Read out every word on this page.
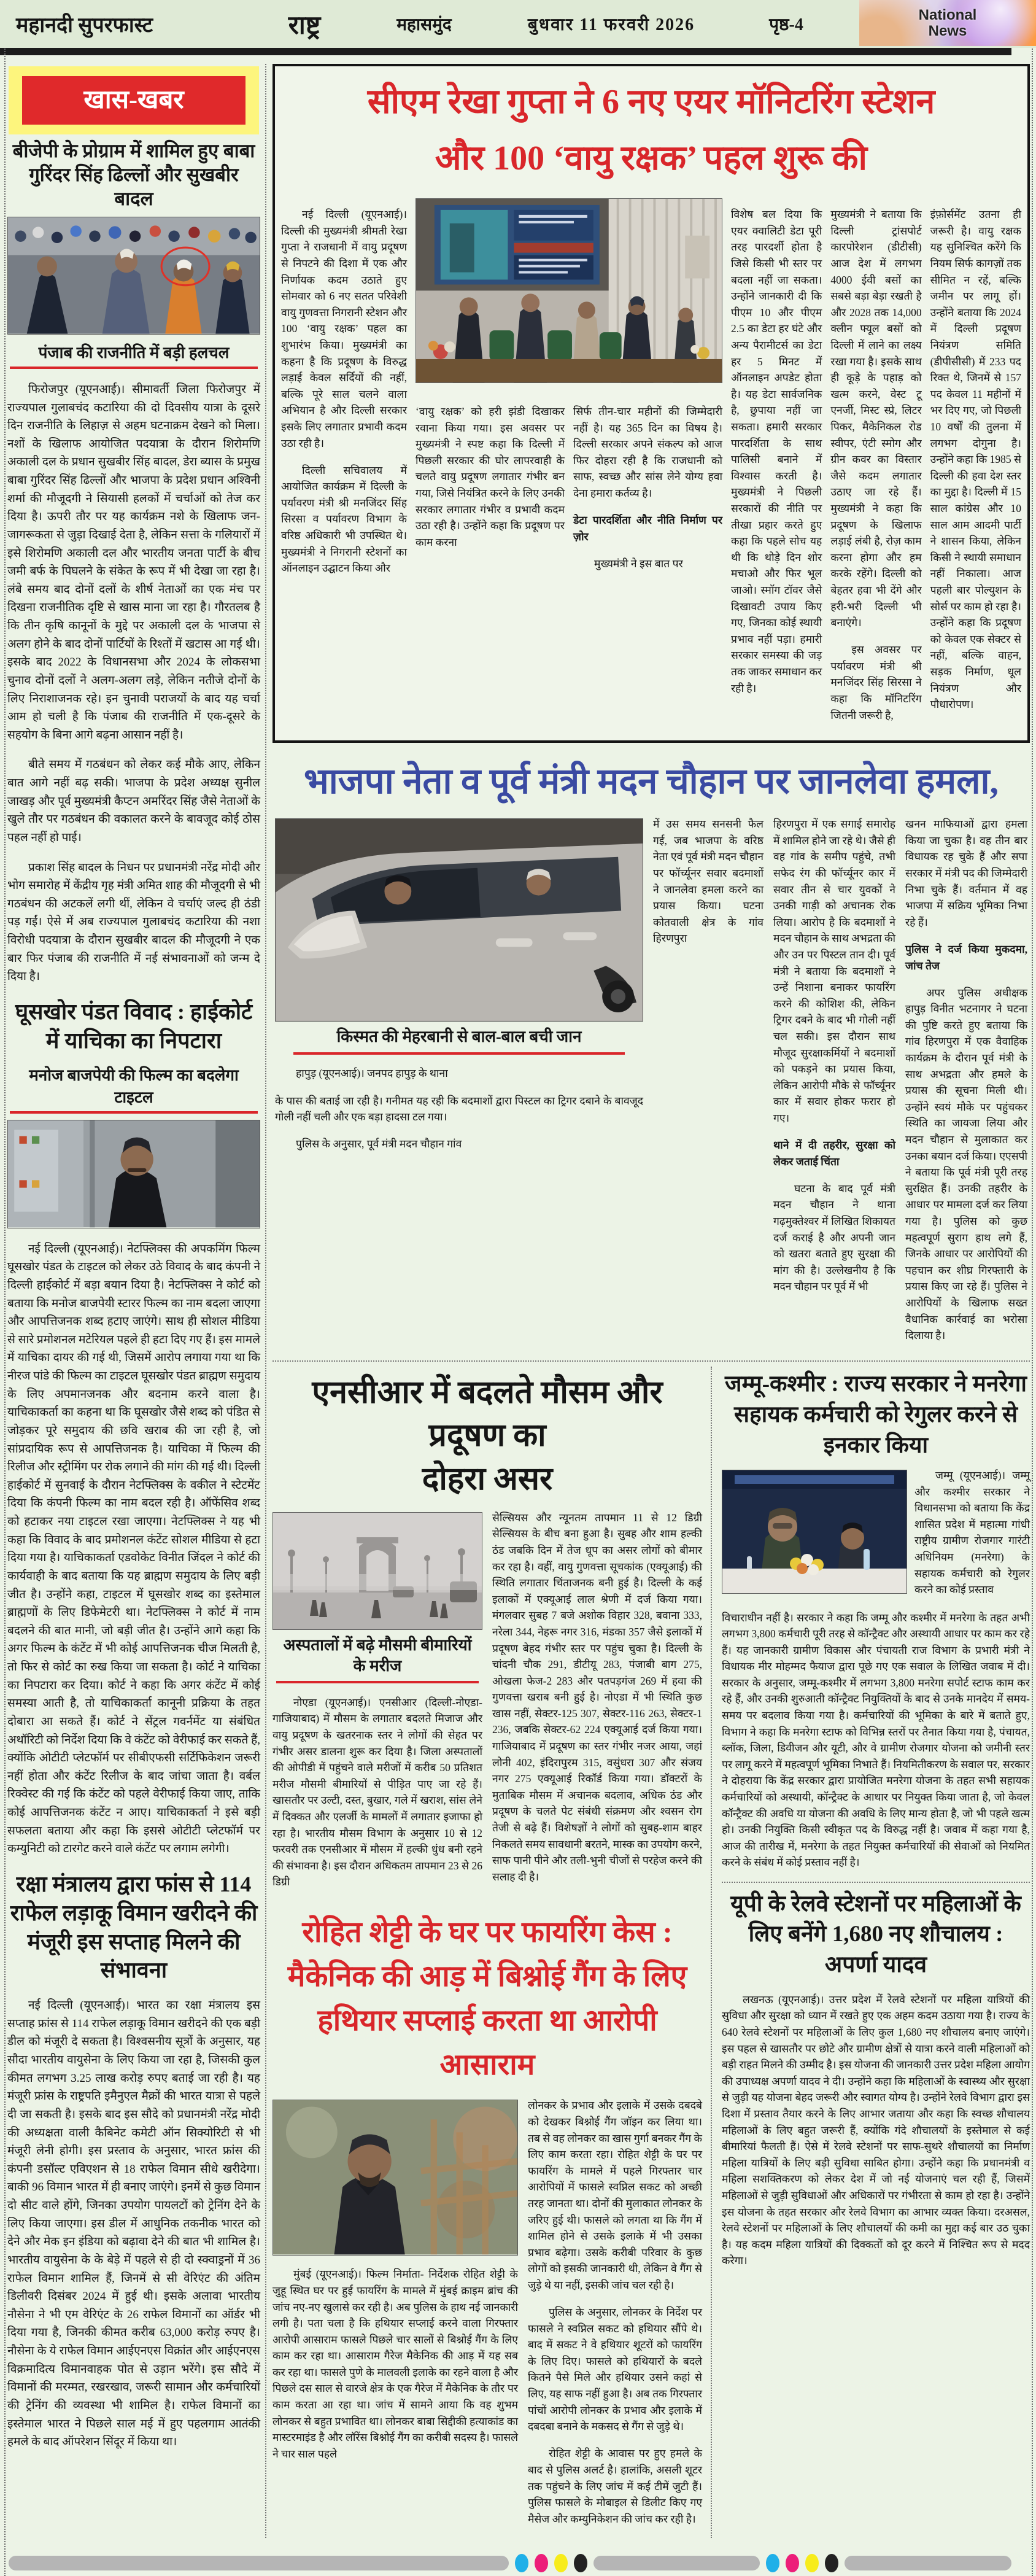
महानदी सुपरफास्ट	राष्ट्र	महासमुंद	बुधवार 11 फरवरी 2026	पृष्ठ-4
National
News
खास-खबर
बीजेपी के प्रोग्राम में शामिल हुए बाबा गुरिंदर सिंह ढिल्लों और सुखबीर बादल
पंजाब की राजनीति में बड़ी हलचल

फिरोजपुर (यूएनआई)। सीमावर्ती जिला फिरोजपुर में राज्यपाल गुलाबचंद कटारिया की दो दिवसीय यात्रा के दूसरे दिन राजनीति के लिहाज़ से अहम घटनाक्रम देखने को मिला। नशों के खिलाफ आयोजित पदयात्रा के दौरान शिरोमणि अकाली दल के प्रधान सुखबीर सिंह बादल, डेरा ब्यास के प्रमुख बाबा गुरिंदर सिंह ढिल्लों और भाजपा के प्रदेश प्रधान अश्विनी शर्मा की मौजूदगी ने सियासी हलकों में चर्चाओं को तेज कर दिया है। ऊपरी तौर पर यह कार्यक्रम नशे के खिलाफ जन-जागरूकता से जुड़ा दिखाई देता है, लेकिन सत्ता के गलियारों में इसे शिरोमणि अकाली दल और भारतीय जनता पार्टी के बीच जमी बर्फ के पिघलने के संकेत के रूप में भी देखा जा रहा है। लंबे समय बाद दोनों दलों के शीर्ष नेताओं का एक मंच पर दिखना राजनीतिक दृष्टि से खास माना जा रहा है। गौरतलब है कि तीन कृषि कानूनों के मुद्दे पर अकाली दल के भाजपा से अलग होने के बाद दोनों पार्टियों के रिश्तों में खटास आ गई थी। इसके बाद 2022 के विधानसभा और 2024 के लोकसभा चुनाव दोनों दलों ने अलग-अलग लड़े, लेकिन नतीजे दोनों के लिए निराशाजनक रहे। इन चुनावी पराजयों के बाद यह चर्चा आम हो चली है कि पंजाब की राजनीति में एक-दूसरे के सहयोग के बिना आगे बढ़ना आसान नहीं है।

बीते समय में गठबंधन को लेकर कई मौके आए, लेकिन बात आगे नहीं बढ़ सकी। भाजपा के प्रदेश अध्यक्ष सुनील जाखड़ और पूर्व मुख्यमंत्री कैप्टन अमरिंदर सिंह जैसे नेताओं के खुले तौर पर गठबंधन की वकालत करने के बावजूद कोई ठोस पहल नहीं हो पाई।

प्रकाश सिंह बादल के निधन पर प्रधानमंत्री नरेंद्र मोदी और भोग समारोह में केंद्रीय गृह मंत्री अमित शाह की मौजूदगी से भी गठबंधन की अटकलें लगी थीं, लेकिन वे चर्चाएं जल्द ही ठंडी पड़ गईं। ऐसे में अब राज्यपाल गुलाबचंद कटारिया की नशा विरोधी पदयात्रा के दौरान सुखबीर बादल की मौजूदगी ने एक बार फिर पंजाब की राजनीति में नई संभावनाओं को जन्म दे दिया है।

घूसखोर पंडत विवाद : हाईकोर्ट में याचिका का निपटारा
मनोज बाजपेयी की फिल्म का बदलेगा टाइटल

नई दिल्ली (यूएनआई)। नेटफ्लिक्स की अपकमिंग फिल्म घूसखोर पंडत के टाइटल को लेकर उठे विवाद के बाद कंपनी ने दिल्ली हाईकोर्ट में बड़ा बयान दिया है। नेटफ्लिक्स ने कोर्ट को बताया कि मनोज बाजपेयी स्टारर फिल्म का नाम बदला जाएगा और आपत्तिजनक शब्द हटाए जाएंगे। साथ ही सोशल मीडिया से सारे प्रमोशनल मटेरियल पहले ही हटा दिए गए हैं। इस मामले में याचिका दायर की गई थी, जिसमें आरोप लगाया गया था कि नीरज पांडे की फिल्म का टाइटल घूसखोर पंडत ब्राह्मण समुदाय के लिए अपमानजनक और बदनाम करने वाला है। याचिकाकर्ता का कहना था कि घूसखोर जैसे शब्द को पंडित से जोड़कर पूरे समुदाय की छवि खराब की जा रही है, जो सांप्रदायिक रूप से आपत्तिजनक है। याचिका में फिल्म की रिलीज और स्ट्रीमिंग पर रोक लगाने की मांग की गई थी। दिल्ली हाईकोर्ट में सुनवाई के दौरान नेटफ्लिक्स के वकील ने स्टेटमेंट दिया कि कंपनी फिल्म का नाम बदल रही है। ऑफेंसिव शब्द को हटाकर नया टाइटल रखा जाएगा। नेटफ्लिक्स ने यह भी कहा कि विवाद के बाद प्रमोशनल कंटेंट सोशल मीडिया से हटा दिया गया है। याचिकाकर्ता एडवोकेट विनीत जिंदल ने कोर्ट की कार्यवाही के बाद बताया कि यह ब्राह्मण समुदाय के लिए बड़ी जीत है। उन्होंने कहा, टाइटल में घूसखोर शब्द का इस्तेमाल ब्राह्मणों के लिए डिफेमेटरी था। नेटफ्लिक्स ने कोर्ट में नाम बदलने की बात मानी, जो बड़ी जीत है। उन्होंने आगे कहा कि अगर फिल्म के कंटेंट में भी कोई आपत्तिजनक चीज मिलती है, तो फिर से कोर्ट का रुख किया जा सकता है। कोर्ट ने याचिका का निपटारा कर दिया। कोर्ट ने कहा कि अगर कंटेंट में कोई समस्या आती है, तो याचिकाकर्ता कानूनी प्रक्रिया के तहत दोबारा आ सकते हैं। कोर्ट ने सेंट्रल गवर्नमेंट या संबंधित अथॉरिटी को निर्देश दिया कि वे कंटेंट को वेरीफाई कर सकते हैं, क्योंकि ओटीटी प्लेटफॉर्म पर सीबीएफसी सर्टिफिकेशन जरूरी नहीं होता और कंटेंट रिलीज के बाद जांचा जाता है। वर्बल रिक्वेस्ट की गई कि कंटेंट को पहले वेरीफाई किया जाए, ताकि कोई आपत्तिजनक कंटेंट न आए। याचिकाकर्ता ने इसे बड़ी सफलता बताया और कहा कि इससे ओटीटी प्लेटफॉर्म पर कम्युनिटी को टारगेट करने वाले कंटेंट पर लगाम लगेगी।

रक्षा मंत्रालय द्वारा फांस से 114 राफेल लड़ाकू विमान खरीदने की मंजूरी इस सप्ताह मिलने की संभावना

नई दिल्ली (यूएनआई)। भारत का रक्षा मंत्रालय इस सप्ताह फ्रांस से 114 राफेल लड़ाकू विमान खरीदने की एक बड़ी डील को मंजूरी दे सकता है। विश्वसनीय सूत्रों के अनुसार, यह सौदा भारतीय वायुसेना के लिए किया जा रहा है, जिसकी कुल कीमत लगभग 3.25 लाख करोड़ रुपए बताई जा रही है। यह मंजूरी फ्रांस के राष्ट्रपति इमैनुएल मैक्रों की भारत यात्रा से पहले दी जा सकती है। इसके बाद इस सौदे को प्रधानमंत्री नरेंद्र मोदी की अध्यक्षता वाली कैबिनेट कमेटी ऑन सिक्योरिटी से भी मंजूरी लेनी होगी। इस प्रस्ताव के अनुसार, भारत फ्रांस की कंपनी डसॉल्ट एविएशन से 18 राफेल विमान सीधे खरीदेगा। बाकी 96 विमान भारत में ही बनाए जाएंगे। इनमें से कुछ विमान दो सीट वाले होंगे, जिनका उपयोग पायलटों को ट्रेनिंग देने के लिए किया जाएगा। इस डील में आधुनिक तकनीक भारत को देने और मेक इन इंडिया को बढ़ावा देने की बात भी शामिल है। भारतीय वायुसेना के के बेड़े में पहले से ही दो स्क्वाड्रनों में 36 राफेल विमान शामिल हैं, जिनमें से सी वेरिएंट की अंतिम डिलीवरी दिसंबर 2024 में हुई थी। इसके अलावा भारतीय नौसेना ने भी एम वेरिएंट के 26 राफेल विमानों का ऑर्डर भी दिया गया है, जिनकी कीमत करीब 63,000 करोड़ रुपए है। नौसेना के ये राफेल विमान आईएनएस विक्रांत और आईएनएस विक्रमादित्य विमानवाहक पोत से उड़ान भरेंगे। इस सौदे में विमानों की मरम्मत, रखरखाव, जरूरी सामान और कर्मचारियों की ट्रेनिंग की व्यवस्था भी शामिल है। राफेल विमानों का इस्तेमाल भारत ने पिछले साल मई में हुए पहलगाम आतंकी हमले के बाद ऑपरेशन सिंदूर में किया था।

सीएम रेखा गुप्ता ने 6 नए एयर मॉनिटरिंग स्टेशन
और 100 ‘वायु रक्षक’ पहल शुरू की

नई दिल्ली (यूएनआई)। दिल्ली की मुख्यमंत्री श्रीमती रेखा गुप्ता ने राजधानी में वायु प्रदूषण से निपटने की दिशा में एक और निर्णायक कदम उठाते हुए सोमवार को 6 नए सतत परिवेशी वायु गुणवत्ता निगरानी स्टेशन और 100 ‘वायु रक्षक’ पहल का शुभारंभ किया। मुख्यमंत्री का कहना है कि प्रदूषण के विरुद्ध लड़ाई केवल सर्दियों की नहीं, बल्कि पूरे साल चलने वाला अभियान है और दिल्ली सरकार इसके लिए लगातार प्रभावी कदम उठा रही है।

दिल्ली सचिवालय में आयोजित कार्यक्रम में दिल्ली के पर्यावरण मंत्री श्री मनजिंदर सिंह सिरसा व पर्यावरण विभाग के वरिष्ठ अधिकारी भी उपस्थित थे। मुख्यमंत्री ने निगरानी स्टेशनों का ऑनलाइन उद्घाटन किया और

‘वायु रक्षक’ को हरी झंडी दिखाकर रवाना किया गया। इस अवसर पर मुख्यमंत्री ने स्पष्ट कहा कि दिल्ली में पिछली सरकार की घोर लापरवाही के चलते वायु प्रदूषण लगातार गंभीर बन गया, जिसे नियंत्रित करने के लिए उनकी सरकार लगातार गंभीर व प्रभावी कदम उठा रही है। उन्होंने कहा कि प्रदूषण पर काम करना

सिर्फ तीन-चार महीनों की जिम्मेदारी नहीं है। यह 365 दिन का विषय है। दिल्ली सरकार अपने संकल्प को आज फिर दोहरा रही है कि राजधानी को साफ, स्वच्छ और सांस लेने योग्य हवा देना हमारा कर्तव्य है।

डेटा पारदर्शिता और नीति निर्माण पर ज़ोर

मुख्यमंत्री ने इस बात पर

विशेष बल दिया कि एयर क्वालिटी डेटा पूरी तरह पारदर्शी होता है जिसे किसी भी स्तर पर बदला नहीं जा सकता। उन्होंने जानकारी दी कि पीएम 10 और पीएम 2.5 का डेटा हर घंटे और अन्य पैरामीटर्स का डेटा हर 5 मिनट में ऑनलाइन अपडेट होता है। यह डेटा सार्वजनिक है, छुपाया नहीं जा सकता। हमारी सरकार पारदर्शिता के साथ पालिसी बनाने में विश्वास करती है। मुख्यमंत्री ने पिछली सरकारों की नीति पर तीखा प्रहार करते हुए कहा कि पहले सोच यह थी कि थोड़े दिन शोर मचाओ और फिर भूल जाओ। स्मॉग टॉवर जैसे दिखावटी उपाय किए गए, जिनका कोई स्थायी प्रभाव नहीं पड़ा। हमारी सरकार समस्या की जड़ तक जाकर समाधान कर रही है।

मुख्यमंत्री ने बताया कि दिल्ली ट्रांसपोर्ट कारपोरेशन (डीटीसी) आज देश में लगभग 4000 ईवी बसों का सबसे बड़ा बेड़ा रखती है और 2028 तक 14,000 क्लीन फ्यूल बसों को दिल्ली में लाने का लक्ष्य रखा गया है। इसके साथ ही कूड़े के पहाड़ को खत्म करने, वेस्ट टू एनर्जी, मिस्ट स्प्रे, लिटर पिकर, मैकेनिकल रोड स्वीपर, एंटी स्मोग और ग्रीन कवर का विस्तार जैसे कदम लगातार उठाए जा रहे हैं। मुख्यमंत्री ने कहा कि प्रदूषण के खिलाफ लड़ाई लंबी है, रोज़ काम करना होगा और हम करके रहेंगे। दिल्ली को बेहतर हवा भी देंगे और हरी-भरी दिल्ली भी बनाएंगे।

इस अवसर पर पर्यावरण मंत्री श्री मनजिंदर सिंह सिरसा ने कहा कि मॉनिटरिंग जितनी जरूरी है,

इंफ़ोर्समेंट उतना ही जरूरी है। वायु रक्षक यह सुनिश्चित करेंगे कि नियम सिर्फ कागज़ों तक सीमित न रहें, बल्कि जमीन पर लागू हों। उन्होंने बताया कि 2024 में दिल्ली प्रदूषण नियंत्रण समिति (डीपीसीसी) में 233 पद रिक्त थे, जिनमें से 157 पद केवल 11 महीनों में भर दिए गए, जो पिछली 10 वर्षों की तुलना में लगभग दोगुना है। उन्होंने कहा कि 1985 से दिल्ली की हवा देश स्तर का मुद्दा है। दिल्ली में 15 साल कांग्रेस और 10 साल आम आदमी पार्टी ने शासन किया, लेकिन किसी ने स्थायी समाधान नहीं निकाला। आज पहली बार पोल्युशन के सोर्स पर काम हो रहा है। उन्होंने कहा कि प्रदूषण को केवल एक सेक्टर से नहीं, बल्कि वाहन, सड़क निर्माण, धूल नियंत्रण और पौधारोपण।

भाजपा नेता व पूर्व मंत्री मदन चौहान पर जानलेवा हमला,
किस्मत की मेहरबानी से बाल-बाल बची जान

हापुड़ (यूएनआई)। जनपद हापुड़ के थाना

के पास की बताई जा रही है। गनीमत यह रही कि बदमाशों द्वारा पिस्टल का ट्रिगर दबाने के बावजूद गोली नहीं चली और एक बड़ा हादसा टल गया।

पुलिस के अनुसार, पूर्व मंत्री मदन चौहान गांव

में उस समय सनसनी फैल गई, जब भाजपा के वरिष्ठ नेता एवं पूर्व मंत्री मदन चौहान पर फॉर्च्यूनर सवार बदमाशों ने जानलेवा हमला करने का प्रयास किया। घटना कोतवाली क्षेत्र के गांव हिरणपुरा

हिरणपुरा में एक सगाई समारोह में शामिल होने जा रहे थे। जैसे ही वह गांव के समीप पहुंचे, तभी सफेद रंग की फॉर्च्यूनर कार में सवार तीन से चार युवकों ने उनकी गाड़ी को अचानक रोक लिया। आरोप है कि बदमाशों ने मदन चौहान के साथ अभद्रता की और उन पर पिस्टल तान दी। पूर्व मंत्री ने बताया कि बदमाशों ने उन्हें निशाना बनाकर फायरिंग करने की कोशिश की, लेकिन ट्रिगर दबने के बाद भी गोली नहीं चल सकी। इस दौरान साथ मौजूद सुरक्षाकर्मियों ने बदमाशों को पकड़ने का प्रयास किया, लेकिन आरोपी मौके से फॉर्च्यूनर कार में सवार होकर फरार हो गए।

थाने में दी तहरीर, सुरक्षा को लेकर जताई चिंता

घटना के बाद पूर्व मंत्री मदन चौहान ने थाना गढ़मुक्तेश्वर में लिखित शिकायत दर्ज कराई है और अपनी जान को खतरा बताते हुए सुरक्षा की मांग की है। उल्लेखनीय है कि मदन चौहान पर पूर्व में भी

खनन माफियाओं द्वारा हमला किया जा चुका है। वह तीन बार विधायक रह चुके हैं और सपा सरकार में मंत्री पद की जिम्मेदारी निभा चुके हैं। वर्तमान में वह भाजपा में सक्रिय भूमिका निभा रहे हैं।

पुलिस ने दर्ज किया मुकदमा, जांच तेज

अपर पुलिस अधीक्षक हापुड़ विनीत भटनागर ने घटना की पुष्टि करते हुए बताया कि गांव हिरणपुरा में एक वैवाहिक कार्यक्रम के दौरान पूर्व मंत्री के साथ अभद्रता और हमले के प्रयास की सूचना मिली थी। उन्होंने स्वयं मौके पर पहुंचकर स्थिति का जायजा लिया और मदन चौहान से मुलाकात कर उनका बयान दर्ज किया। एएसपी ने बताया कि पूर्व मंत्री पूरी तरह सुरक्षित हैं। उनकी तहरीर के आधार पर मामला दर्ज कर लिया गया है। पुलिस को कुछ महत्वपूर्ण सुराग हाथ लगे हैं, जिनके आधार पर आरोपियों की पहचान कर शीघ्र गिरफ्तारी के प्रयास किए जा रहे हैं। पुलिस ने आरोपियों के खिलाफ सख्त वैधानिक कार्रवाई का भरोसा दिलाया है।

एनसीआर में बदलते मौसम और प्रदूषण का
दोहरा असर
अस्पतालों में बढ़े मौसमी बीमारियों के मरीज

नोएडा (यूएनआई)। एनसीआर (दिल्ली-नोएडा-गाजियाबाद) में मौसम के लगातार बदलते मिजाज और वायु प्रदूषण के खतरनाक स्तर ने लोगों की सेहत पर गंभीर असर डालना शुरू कर दिया है। जिला अस्पतालों की ओपीडी में पहुंचने वाले मरीजों में करीब 50 प्रतिशत मरीज मौसमी बीमारियों से पीड़ित पाए जा रहे हैं। खासतौर पर उल्टी, दस्त, बुखार, गले में खराश, सांस लेने में दिक्कत और एलर्जी के मामलों में लगातार इजाफा हो रहा है। भारतीय मौसम विभाग के अनुसार 10 से 12 फरवरी तक एनसीआर में मौसम में हल्की धुंध बनी रहने की संभावना है। इस दौरान अधिकतम तापमान 23 से 26 डिग्री

सेल्सियस और न्यूनतम तापमान 11 से 12 डिग्री सेल्सियस के बीच बना हुआ है। सुबह और शाम हल्की ठंड जबकि दिन में तेज धूप का असर लोगों को बीमार कर रहा है। वहीं, वायु गुणवत्ता सूचकांक (एक्यूआई) की स्थिति लगातार चिंताजनक बनी हुई है। दिल्ली के कई इलाकों में एक्यूआई लाल श्रेणी में दर्ज किया गया। मंगलवार सुबह 7 बजे अशोक विहार 328, बवाना 333, नरेला 344, नेहरू नगर 316, मंडका 357 जैसे इलाकों में प्रदूषण बेहद गंभीर स्तर पर पहुंच चुका है। दिल्ली के चांदनी चौक 291, डीटीयू 283, पंजाबी बाग 275, ओखला फेज-2 283 और पतपड़गंज 269 में हवा की गुणवत्ता खराब बनी हुई है। नोएडा में भी स्थिति कुछ खास नहीं, सेक्टर-125 307, सेक्टर-116 263, सेक्टर-1 236, जबकि सेक्टर-62 224 एक्यूआई दर्ज किया गया। गाजियाबाद में प्रदूषण का स्तर गंभीर नजर आया, जहां लोनी 402, इंदिरापुरम 315, वसुंधरा 307 और संजय नगर 275 एक्यूआई रिकॉर्ड किया गया। डॉक्टरों के मुताबिक मौसम में अचानक बदलाव, अधिक ठंड और प्रदूषण के चलते पेट संबंधी संक्रमण और श्वसन रोग तेजी से बढ़े हैं। विशेषज्ञों ने लोगों को सुबह-शाम बाहर निकलते समय सावधानी बरतने, मास्क का उपयोग करने, साफ पानी पीने और तली-भुनी चीजों से परहेज करने की सलाह दी है।

रोहित शेट्टी के घर पर फायरिंग केस : मैकेनिक की आड़ में बिश्नोई गैंग के लिए हथियार सप्लाई करता था आरोपी आसाराम

मुंबई (यूएनआई)। फिल्म निर्माता- निर्देशक रोहित शेट्टी के जुहू स्थित घर पर हुई फायरिंग के मामले में मुंबई क्राइम ब्रांच की जांच नए-नए खुलासे कर रही है। अब पुलिस के हाथ नई जानकारी लगी है। पता चला है कि हथियार सप्लाई करने वाला गिरफ्तार आरोपी आसाराम फासले पिछले चार सालों से बिश्नोई गैंग के लिए काम कर रहा था। आसाराम गैरेज मैकेनिक की आड़ में यह सब कर रहा था। फासले पुणे के मालवली इलाके का रहने वाला है और पिछले दस साल से वारजे क्षेत्र के एक गैरेज में मैकेनिक के तौर पर काम करता आ रहा था। जांच में सामने आया कि वह शुभम लोनकर से बहुत प्रभावित था। लोनकर बाबा सिद्दीकी हत्याकांड का मास्टरमाइंड है और लॉरेंस बिश्नोई गैंग का करीबी सदस्य है। फासले ने चार साल पहले

लोनकर के प्रभाव और इलाके में उसके दबदबे को देखकर बिश्नोई गैंग जॉइन कर लिया था। तब से वह लोनकर का खास गुर्गा बनकर गैंग के लिए काम करता रहा। रोहित शेट्टी के घर पर फायरिंग के मामले में पहले गिरफ्तार चार आरोपियों में फासले स्वप्निल सकट को अच्छी तरह जानता था। दोनों की मुलाकात लोनकर के जरिए हुई थी। फासले को लगता था कि गैंग में शामिल होने से उसके इलाके में भी उसका प्रभाव बढ़ेगा। उसके करीबी परिवार के कुछ लोगों को इसकी जानकारी थी, लेकिन वे गैंग से जुड़े थे या नहीं, इसकी जांच चल रही है।

पुलिस के अनुसार, लोनकर के निर्देश पर फासले ने स्वप्निल सकट को हथियार सौंपे थे। बाद में सकट ने वे हथियार शूटरों को फायरिंग के लिए दिए। फासले को हथियारों के बदले कितने पैसे मिले और हथियार उसने कहां से लिए, यह साफ नहीं हुआ है। अब तक गिरफ्तार पांचों आरोपी लोनकर के प्रभाव और इलाके में दबदबा बनाने के मकसद से गैंग से जुड़े थे।

रोहित शेट्टी के आवास पर हुए हमले के बाद से पुलिस अलर्ट है। हालांकि, असली शूटर तक पहुंचने के लिए जांच में कई टीमें जुटी हैं। पुलिस फासले के मोबाइल से डिलीट किए गए मैसेज और कम्युनिकेशन की जांच कर रही है।

जम्मू-कश्मीर : राज्य सरकार ने मनरेगा सहायक कर्मचारी को रेगुलर करने से इनकार किया

जम्मू (यूएनआई)। जम्मू और कश्मीर सरकार ने विधानसभा को बताया कि केंद्र शासित प्रदेश में महात्मा गांधी राष्ट्रीय ग्रामीण रोजगार गारंटी अधिनियम (मनरेगा) के सहायक कर्मचारी को रेगुलर करने का कोई प्रस्ताव

विचाराधीन नहीं है। सरकार ने कहा कि जम्मू और कश्मीर में मनरेगा के तहत अभी लगभग 3,800 कर्मचारी पूरी तरह से कॉन्ट्रैक्ट और अस्थायी आधार पर काम कर रहे हैं। यह जानकारी ग्रामीण विकास और पंचायती राज विभाग के प्रभारी मंत्री ने विधायक मीर मोहम्मद फैयाज द्वारा पूछे गए एक सवाल के लिखित जवाब में दी। सरकार के अनुसार, जम्मू-कश्मीर में लगभग 3,800 मनरेगा सपोर्ट स्टाफ काम कर रहे हैं, और उनकी शुरुआती कॉन्ट्रैक्ट नियुक्तियों के बाद से उनके मानदेय में समय-समय पर बदलाव किया गया है। कर्मचारियों की भूमिका के बारे में बताते हुए, विभाग ने कहा कि मनरेगा स्टाफ को विभिन्न स्तरों पर तैनात किया गया है, पंचायत, ब्लॉक, जिला, डिवीजन और यूटी, और वे ग्रामीण रोजगार योजना को जमीनी स्तर पर लागू करने में महत्वपूर्ण भूमिका निभाते हैं। नियमितीकरण के सवाल पर, सरकार ने दोहराया कि केंद्र सरकार द्वारा प्रायोजित मनरेगा योजना के तहत सभी सहायक कर्मचारियों को अस्थायी, कॉन्ट्रैक्ट के आधार पर नियुक्त किया जाता है, जो केवल कॉन्ट्रैक्ट की अवधि या योजना की अवधि के लिए मान्य होता है, जो भी पहले खत्म हो। उनकी नियुक्ति किसी स्वीकृत पद के विरुद्ध नहीं है। जवाब में कहा गया है, आज की तारीख में, मनरेगा के तहत नियुक्त कर्मचारियों की सेवाओं को नियमित करने के संबंध में कोई प्रस्ताव नहीं है।

यूपी के रेलवे स्टेशनों पर महिलाओं के लिए बनेंगे 1,680 नए शौचालय : अपर्णा यादव

लखनऊ (यूएनआई)। उत्तर प्रदेश में रेलवे स्टेशनों पर महिला यात्रियों की सुविधा और सुरक्षा को ध्यान में रखते हुए एक अहम कदम उठाया गया है। राज्य के 640 रेलवे स्टेशनों पर महिलाओं के लिए कुल 1,680 नए शौचालय बनाए जाएंगे। इस पहल से खासतौर पर छोटे और ग्रामीण क्षेत्रों से यात्रा करने वाली महिलाओं को बड़ी राहत मिलने की उम्मीद है। इस योजना की जानकारी उत्तर प्रदेश महिला आयोग की उपाध्यक्ष अपर्णा यादव ने दी। उन्होंने कहा कि महिलाओं के स्वास्थ्य और सुरक्षा से जुड़ी यह योजना बेहद जरूरी और स्वागत योग्य है। उन्होंने रेलवे विभाग द्वारा इस दिशा में प्रस्ताव तैयार करने के लिए आभार जताया और कहा कि स्वच्छ शौचालय महिलाओं के लिए बहुत जरूरी हैं, क्योंकि गंदे शौचालयों के इस्तेमाल से कई बीमारियां फैलती हैं। ऐसे में रेलवे स्टेशनों पर साफ-सुथरे शौचालयों का निर्माण महिला यात्रियों के लिए बड़ी सुविधा साबित होगा। उन्होंने कहा कि प्रधानमंत्री व महिला सशक्तिकरण को लेकर देश में जो नई योजनाएं चल रही हैं, जिसमें महिलाओं से जुड़ी सुविधाओं और अधिकारों पर गंभीरता से काम हो रहा है। उन्होंने इस योजना के तहत सरकार और रेलवे विभाग का आभार व्यक्त किया। दरअसल, रेलवे स्टेशनों पर महिलाओं के लिए शौचालयों की कमी का मुद्दा कई बार उठ चुका है। यह कदम महिला यात्रियों की दिक्कतों को दूर करने में निश्चित रूप से मदद करेगा।
